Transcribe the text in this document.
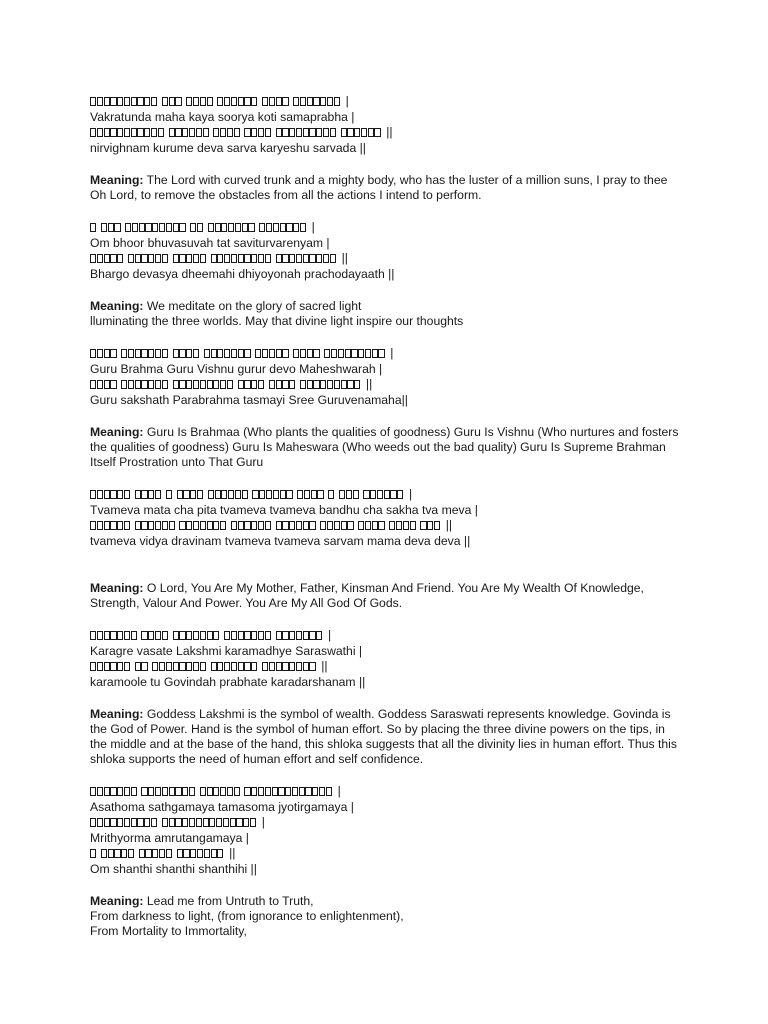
|
Vakratunda maha kaya soorya koti samaprabha |
||
nirvighnam kurume deva sarva karyeshu sarvada ||
Meaning: The Lord with curved trunk and a mighty body, who has the luster of a million suns, I pray to thee Oh Lord, to remove the obstacles from all the actions I intend to perform.
|
Om bhoor bhuvasuvah tat saviturvarenyam |
||
Bhargo devasya dheemahi dhiyoyonah prachodayaath ||
Meaning: We meditate on the glory of sacred light
lluminating the three worlds. May that divine light inspire our thoughts
|
Guru Brahma Guru Vishnu gurur devo Maheshwarah |
||
Guru sakshath Parabrahma tasmayi Sree Guruvenamaha||
Meaning: Guru Is Brahmaa (Who plants the qualities of goodness) Guru Is Vishnu (Who nurtures and fosters the qualities of goodness) Guru Is Maheswara (Who weeds out the bad quality) Guru Is Supreme Brahman Itself Prostration unto That Guru
|
Tvameva mata cha pita tvameva tvameva bandhu cha sakha tva meva |
||
tvameva vidya dravinam tvameva tvameva sarvam mama deva deva ||
Meaning: O Lord, You Are My Mother, Father, Kinsman And Friend. You Are My Wealth Of Knowledge, Strength, Valour And Power. You Are My All God Of Gods.
|
Karagre vasate Lakshmi karamadhye Saraswathi |
||
karamoole tu Govindah prabhate karadarshanam ||
Meaning: Goddess Lakshmi is the symbol of wealth. Goddess Saraswati represents knowledge. Govinda is the God of Power. Hand is the symbol of human effort. So by placing the three divine powers on the tips, in the middle and at the base of the hand, this shloka suggests that all the divinity lies in human effort. Thus this shloka supports the need of human effort and self confidence.
|
Asathoma sathgamaya tamasoma jyotirgamaya |
|
Mrithyorma amrutangamaya |
||
Om shanthi shanthi shanthihi ||
Meaning: Lead me from Untruth to Truth,
From darkness to light, (from ignorance to enlightenment),
From Mortality to Immortality,
